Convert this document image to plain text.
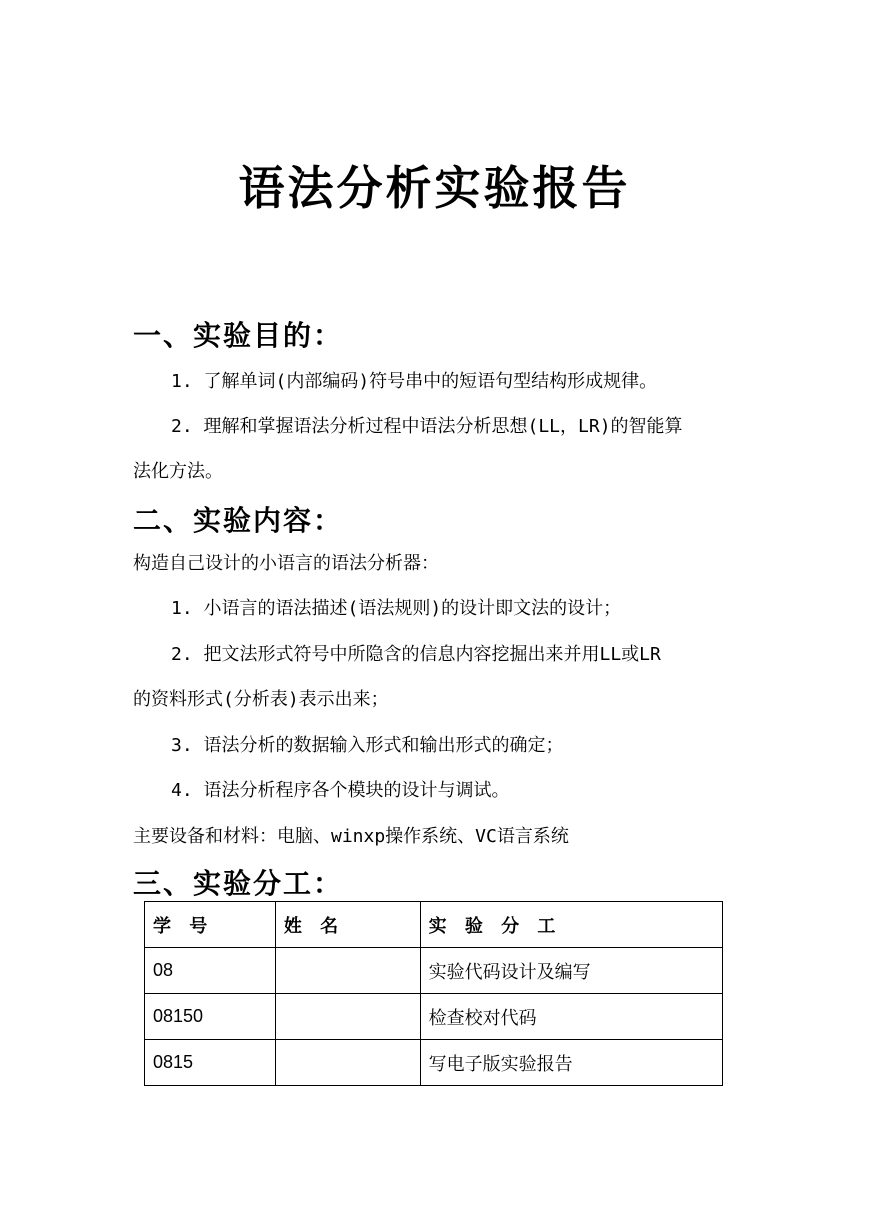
语法分析实验报告
一、实验目的：
1. 了解单词(内部编码)符号串中的短语句型结构形成规律。
2. 理解和掌握语法分析过程中语法分析思想(LL，LR)的智能算
法化方法。
二、实验内容：
构造自己设计的小语言的语法分析器：
1. 小语言的语法描述(语法规则)的设计即文法的设计；
2. 把文法形式符号中所隐含的信息内容挖掘出来并用LL或LR
的资料形式(分析表)表示出来；
3. 语法分析的数据输入形式和输出形式的确定；
4. 语法分析程序各个模块的设计与调试。
主要设备和材料：电脑、winxp操作系统、VC语言系统
三、实验分工：
学 号	姓 名	实 验 分 工
08		实验代码设计及编写
08150		检查校对代码
0815		写电子版实验报告
